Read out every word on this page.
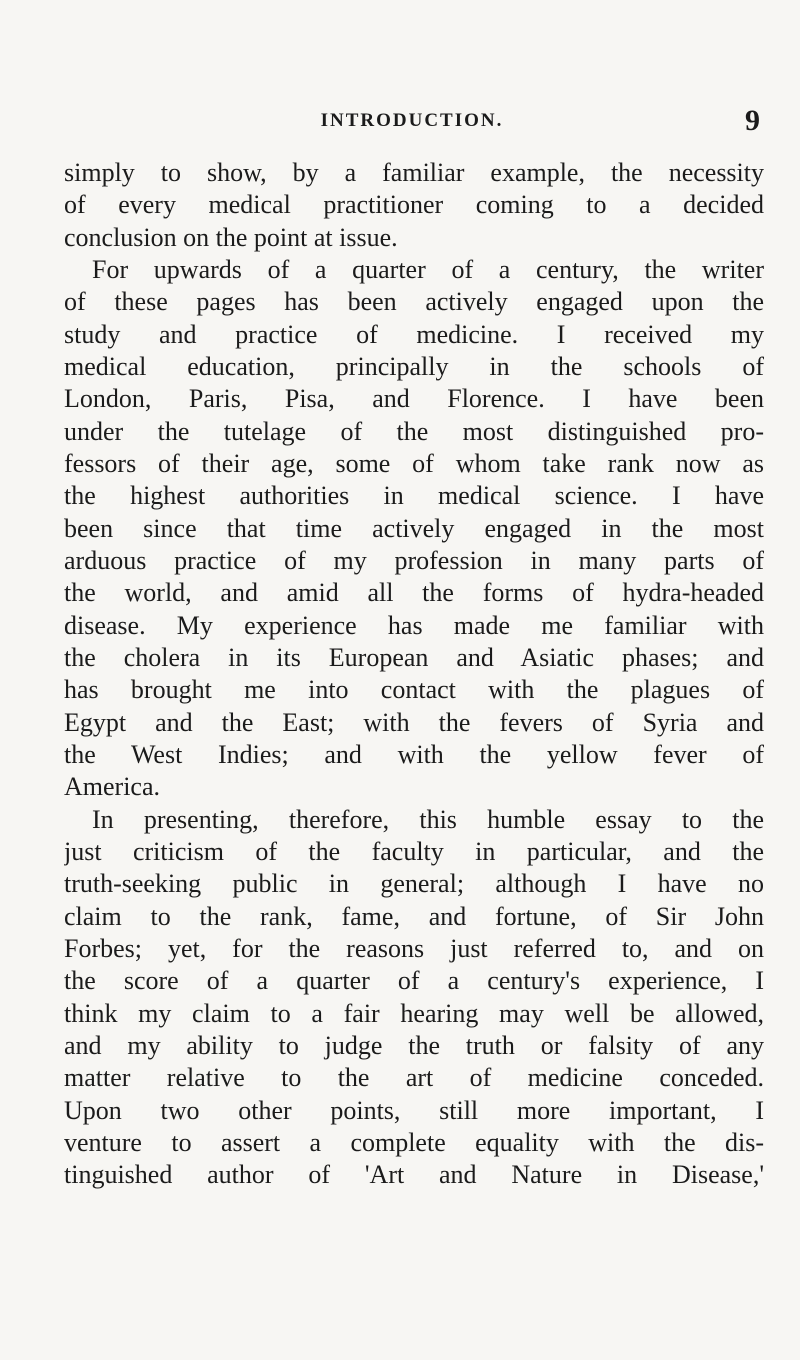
INTRODUCTION.	9
simply to show, by a familiar example, the necessity
of every medical practitioner coming to a decided
conclusion on the point at issue.
For upwards of a quarter of a century, the writer
of these pages has been actively engaged upon the
study and practice of medicine. I received my
medical education, principally in the schools of
London, Paris, Pisa, and Florence. I have been
under the tutelage of the most distinguished pro-
fessors of their age, some of whom take rank now as
the highest authorities in medical science. I have
been since that time actively engaged in the most
arduous practice of my profession in many parts of
the world, and amid all the forms of hydra-headed
disease. My experience has made me familiar with
the cholera in its European and Asiatic phases; and
has brought me into contact with the plagues of
Egypt and the East; with the fevers of Syria and
the West Indies; and with the yellow fever of
America.
In presenting, therefore, this humble essay to the
just criticism of the faculty in particular, and the
truth-seeking public in general; although I have no
claim to the rank, fame, and fortune, of Sir John
Forbes; yet, for the reasons just referred to, and on
the score of a quarter of a century's experience, I
think my claim to a fair hearing may well be allowed,
and my ability to judge the truth or falsity of any
matter relative to the art of medicine conceded.
Upon two other points, still more important, I
venture to assert a complete equality with the dis-
tinguished author of 'Art and Nature in Disease,'
